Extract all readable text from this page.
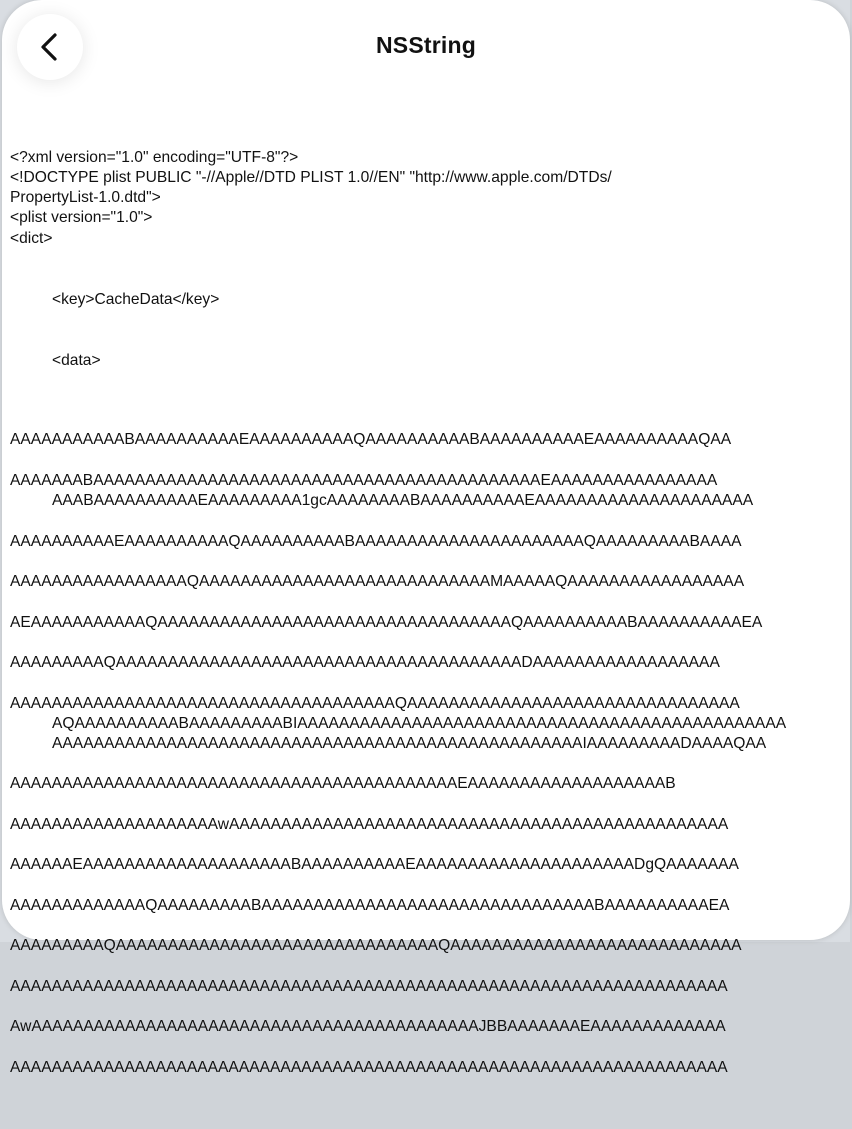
NSString

<?xml version="1.0" encoding="UTF-8"?>
<!DOCTYPE plist PUBLIC "-//Apple//DTD PLIST 1.0//EN" "http://www.apple.com/DTDs/
PropertyList-1.0.dtd">
<plist version="1.0">
<dict>

<key>CacheData</key>

<data>

AAAAAAAAAAABAAAAAAAAAAEAAAAAAAAAAQAAAAAAAAAABAAAAAAAAAAEAAAAAAAAAAQAA
AAAAAAABAAAAAAAAAAAAAAAAAAAAAAAAAAAAAAAAAAAAAAAAAAAEAAAAAAAAAAAAAAAA
AAABAAAAAAAAAAEAAAAAAAAA1gcAAAAAAAABAAAAAAAAAAEAAAAAAAAAAAAAAAAAAAAA
AAAAAAAAAAEAAAAAAAAAAQAAAAAAAAAABAAAAAAAAAAAAAAAAAAAAAAQAAAAAAAAABAAAA
AAAAAAAAAAAAAAAAAQAAAAAAAAAAAAAAAAAAAAAAAAAAAAMAAAAAQAAAAAAAAAAAAAAAAA
AEAAAAAAAAAAAQAAAAAAAAAAAAAAAAAAAAAAAAAAAAAAAAAAQAAAAAAAAAABAAAAAAAAAAEA
AAAAAAAAAQAAAAAAAAAAAAAAAAAAAAAAAAAAAAAAAAAAAAAAADAAAAAAAAAAAAAAAAAA
AAAAAAAAAAAAAAAAAAAAAAAAAAAAAAAAAAAAAQAAAAAAAAAAAAAAAAAAAAAAAAAAAAAAAA
AQAAAAAAAAAABAAAAAAAAABIAAAAAAAAAAAAAAAAAAAAAAAAAAAAAAAAAAAAAAAAAAAAAAA
AAAAAAAAAAAAAAAAAAAAAAAAAAAAAAAAAAAAAAAAAAAAAAAAAAAIAAAAAAAAADAAAAQAA
AAAAAAAAAAAAAAAAAAAAAAAAAAAAAAAAAAAAAAAAAAAEAAAAAAAAAAAAAAAAAAAB
AAAAAAAAAAAAAAAAAAAAwAAAAAAAAAAAAAAAAAAAAAAAAAAAAAAAAAAAAAAAAAAAAAAAA
AAAAAAEAAAAAAAAAAAAAAAAAAAABAAAAAAAAAAEAAAAAAAAAAAAAAAAAAAAADgQAAAAAAA
AAAAAAAAAAAAAQAAAAAAAAABAAAAAAAAAAAAAAAAAAAAAAAAAAAAAAAABAAAAAAAAAAEA
AAAAAAAAAQAAAAAAAAAAAAAAAAAAAAAAAAAAAAAAAQAAAAAAAAAAAAAAAAAAAAAAAAAAAA
AAAAAAAAAAAAAAAAAAAAAAAAAAAAAAAAAAAAAAAAAAAAAAAAAAAAAAAAAAAAAAAAAAAAA
AwAAAAAAAAAAAAAAAAAAAAAAAAAAAAAAAAAAAAAAAAAAAJBBAAAAAAAEAAAAAAAAAAAAA
AAAAAAAAAAAAAAAAAAAAAAAAAAAAAAAAAAAAAAAAAAAAAAAAAAAAAAAAAAAAAAAAAAAAA
